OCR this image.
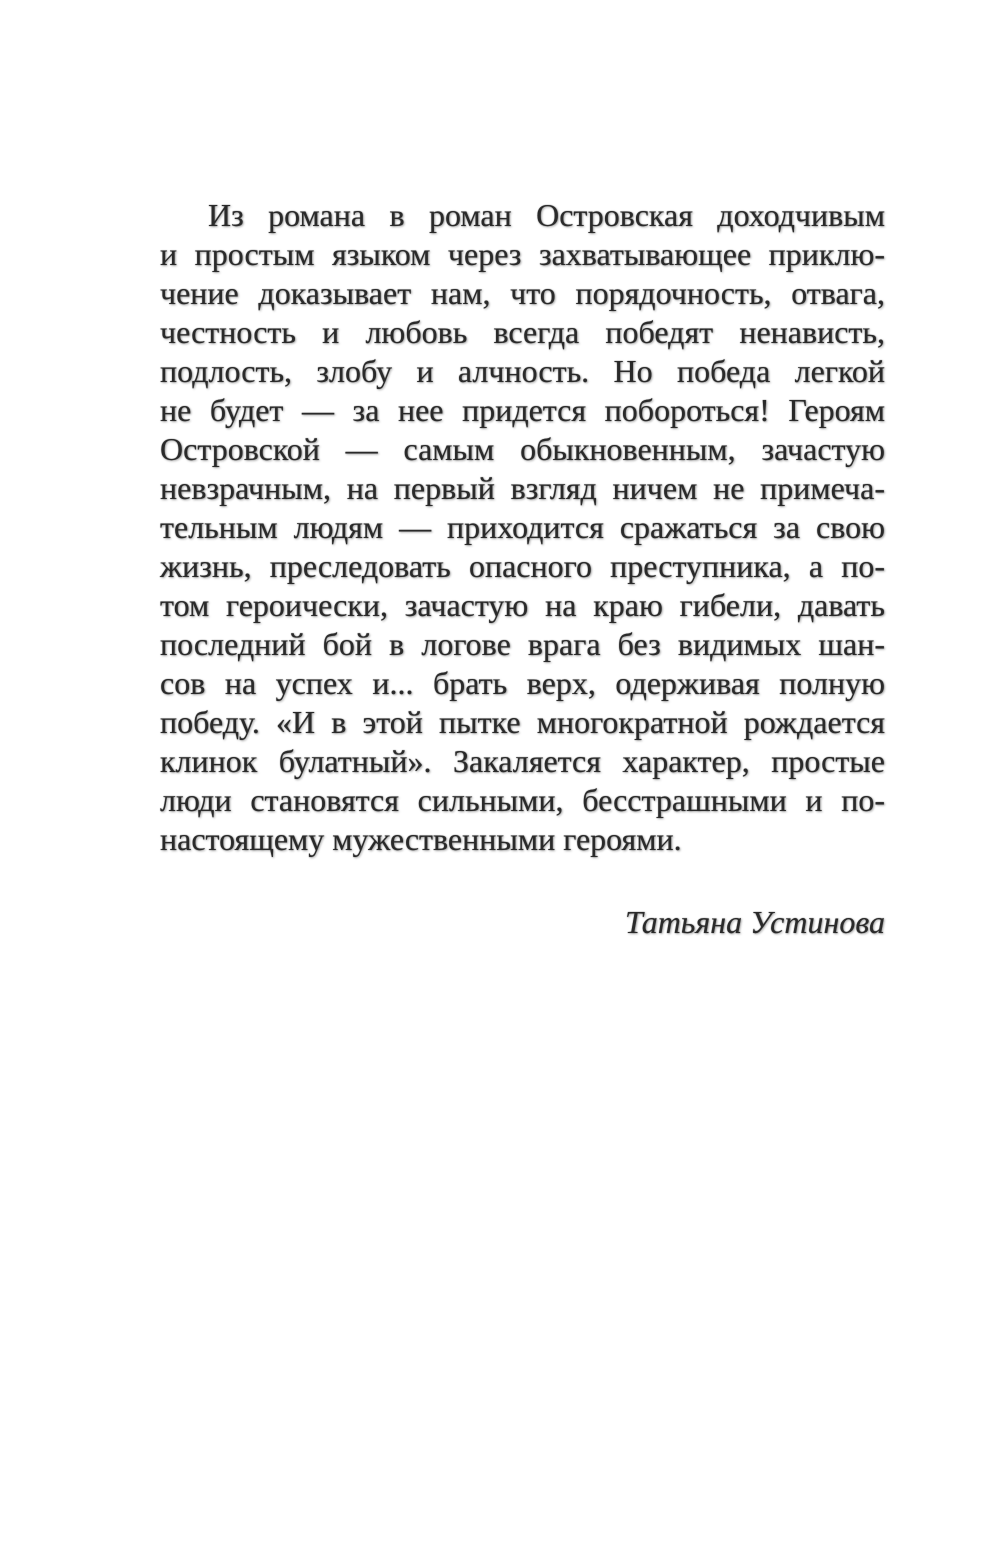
Из романа в роман Островская доходчивым
и простым языком через захватывающее приклю-
чение доказывает нам, что порядочность, отвага,
честность и любовь всегда победят ненависть,
подлость, злобу и алчность. Но победа легкой
не будет — за нее придется побороться! Героям
Островской — самым обыкновенным, зачастую
невзрачным, на первый взгляд ничем не примеча-
тельным людям — приходится сражаться за свою
жизнь, преследовать опасного преступника, а по-
том героически, зачастую на краю гибели, давать
последний бой в логове врага без видимых шан-
сов на успех и... брать верх, одерживая полную
победу. «И в этой пытке многократной рождается
клинок булатный». Закаляется характер, простые
люди становятся сильными, бесстрашными и по-
настоящему мужественными героями.
Татьяна Устинова
